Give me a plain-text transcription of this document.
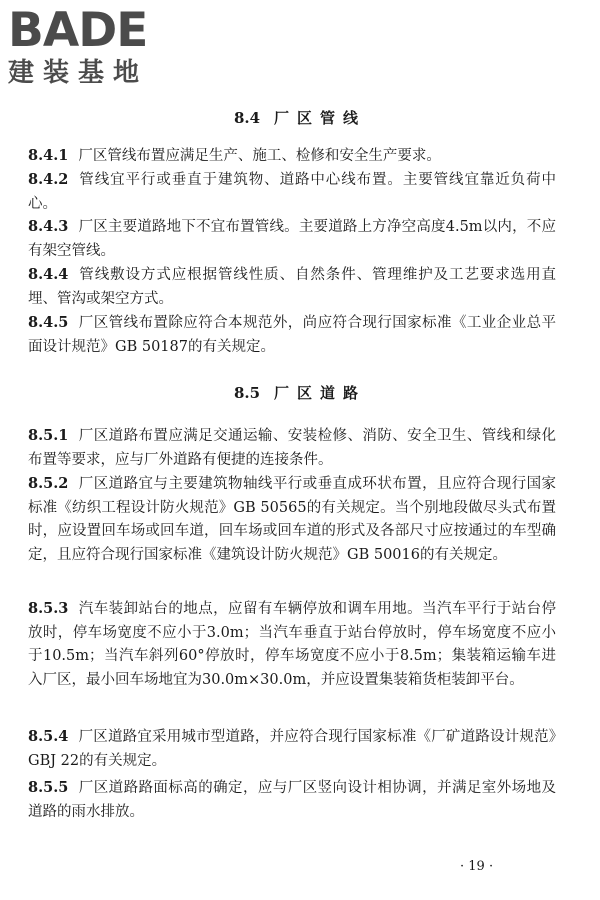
BADE
建装基地
8.4 厂区管线
8.4.1 厂区管线布置应满足生产、施工、检修和安全生产要求。
8.4.2 管线宜平行或垂直于建筑物、道路中心线布置。主要管线宜靠近负荷中心。
8.4.3 厂区主要道路地下不宜布置管线。主要道路上方净空高度4.5m以内，不应有架空管线。
8.4.4 管线敷设方式应根据管线性质、自然条件、管理维护及工艺要求选用直埋、管沟或架空方式。
8.4.5 厂区管线布置除应符合本规范外，尚应符合现行国家标准《工业企业总平面设计规范》GB 50187的有关规定。
8.5 厂区道路
8.5.1 厂区道路布置应满足交通运输、安装检修、消防、安全卫生、管线和绿化布置等要求，应与厂外道路有便捷的连接条件。
8.5.2 厂区道路宜与主要建筑物轴线平行或垂直成环状布置，且应符合现行国家标准《纺织工程设计防火规范》GB 50565的有关规定。当个别地段做尽头式布置时，应设置回车场或回车道，回车场或回车道的形式及各部尺寸应按通过的车型确定，且应符合现行国家标准《建筑设计防火规范》GB 50016的有关规定。
8.5.3 汽车装卸站台的地点，应留有车辆停放和调车用地。当汽车平行于站台停放时，停车场宽度不应小于3.0m；当汽车垂直于站台停放时，停车场宽度不应小于10.5m；当汽车斜列60°停放时，停车场宽度不应小于8.5m；集装箱运输车进入厂区，最小回车场地宜为30.0m×30.0m，并应设置集装箱货柜装卸平台。
8.5.4 厂区道路宜采用城市型道路，并应符合现行国家标准《厂矿道路设计规范》GBJ 22的有关规定。
8.5.5 厂区道路路面标高的确定，应与厂区竖向设计相协调，并满足室外场地及道路的雨水排放。
· 19 ·
